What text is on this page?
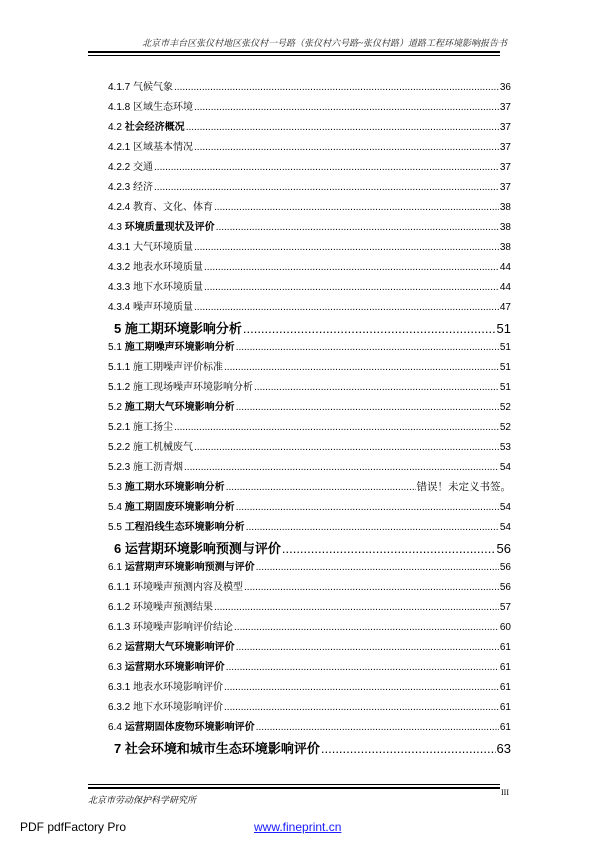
北京市丰台区张仪村地区张仪村一号路（张仪村六号路~张仪村路）道路工程环境影响报告书
4.1.7 气候气象 .....	36
4.1.8 区域生态环境 .....	37
4.2 社会经济概况 .....	37
4.2.1 区域基本情况 .....	37
4.2.2 交通 .....	37
4.2.3 经济 .....	37
4.2.4 教育、文化、体育 .....	38
4.3 环境质量现状及评价 .....	38
4.3.1 大气环境质量 .....	38
4.3.2 地表水环境质量 .....	44
4.3.3 地下水环境质量 .....	44
4.3.4 噪声环境质量 .....	47
5 施工期环境影响分析 .....	51
5.1 施工期噪声环境影响分析 .....	51
5.1.1 施工期噪声评价标准 .....	51
5.1.2 施工现场噪声环境影响分析 .....	51
5.2 施工期大气环境影响分析 .....	52
5.2.1 施工扬尘 .....	52
5.2.2 施工机械废气 .....	53
5.2.3 施工沥青烟 .....	54
5.3 施工期水环境影响分析 .....	错误！未定义书签。
5.4 施工期固废环境影响分析 .....	54
5.5 工程沿线生态环境影响分析 .....	54
6 运营期环境影响预测与评价 .....	56
6.1 运营期声环境影响预测与评价 .....	56
6.1.1 环境噪声预测内容及模型 .....	56
6.1.2 环境噪声预测结果 .....	57
6.1.3 环境噪声影响评价结论 .....	60
6.2 运营期大气环境影响评价 .....	61
6.3 运营期水环境影响评价 .....	61
6.3.1 地表水环境影响评价 .....	61
6.3.2 地下水环境影响评价 .....	61
6.4 运营期固体废物环境影响评价 .....	61
7 社会环境和城市生态环境影响评价 .....	63
北京市劳动保护科学研究所
III
PDF pdfFactory Pro	www.fineprint.cn
